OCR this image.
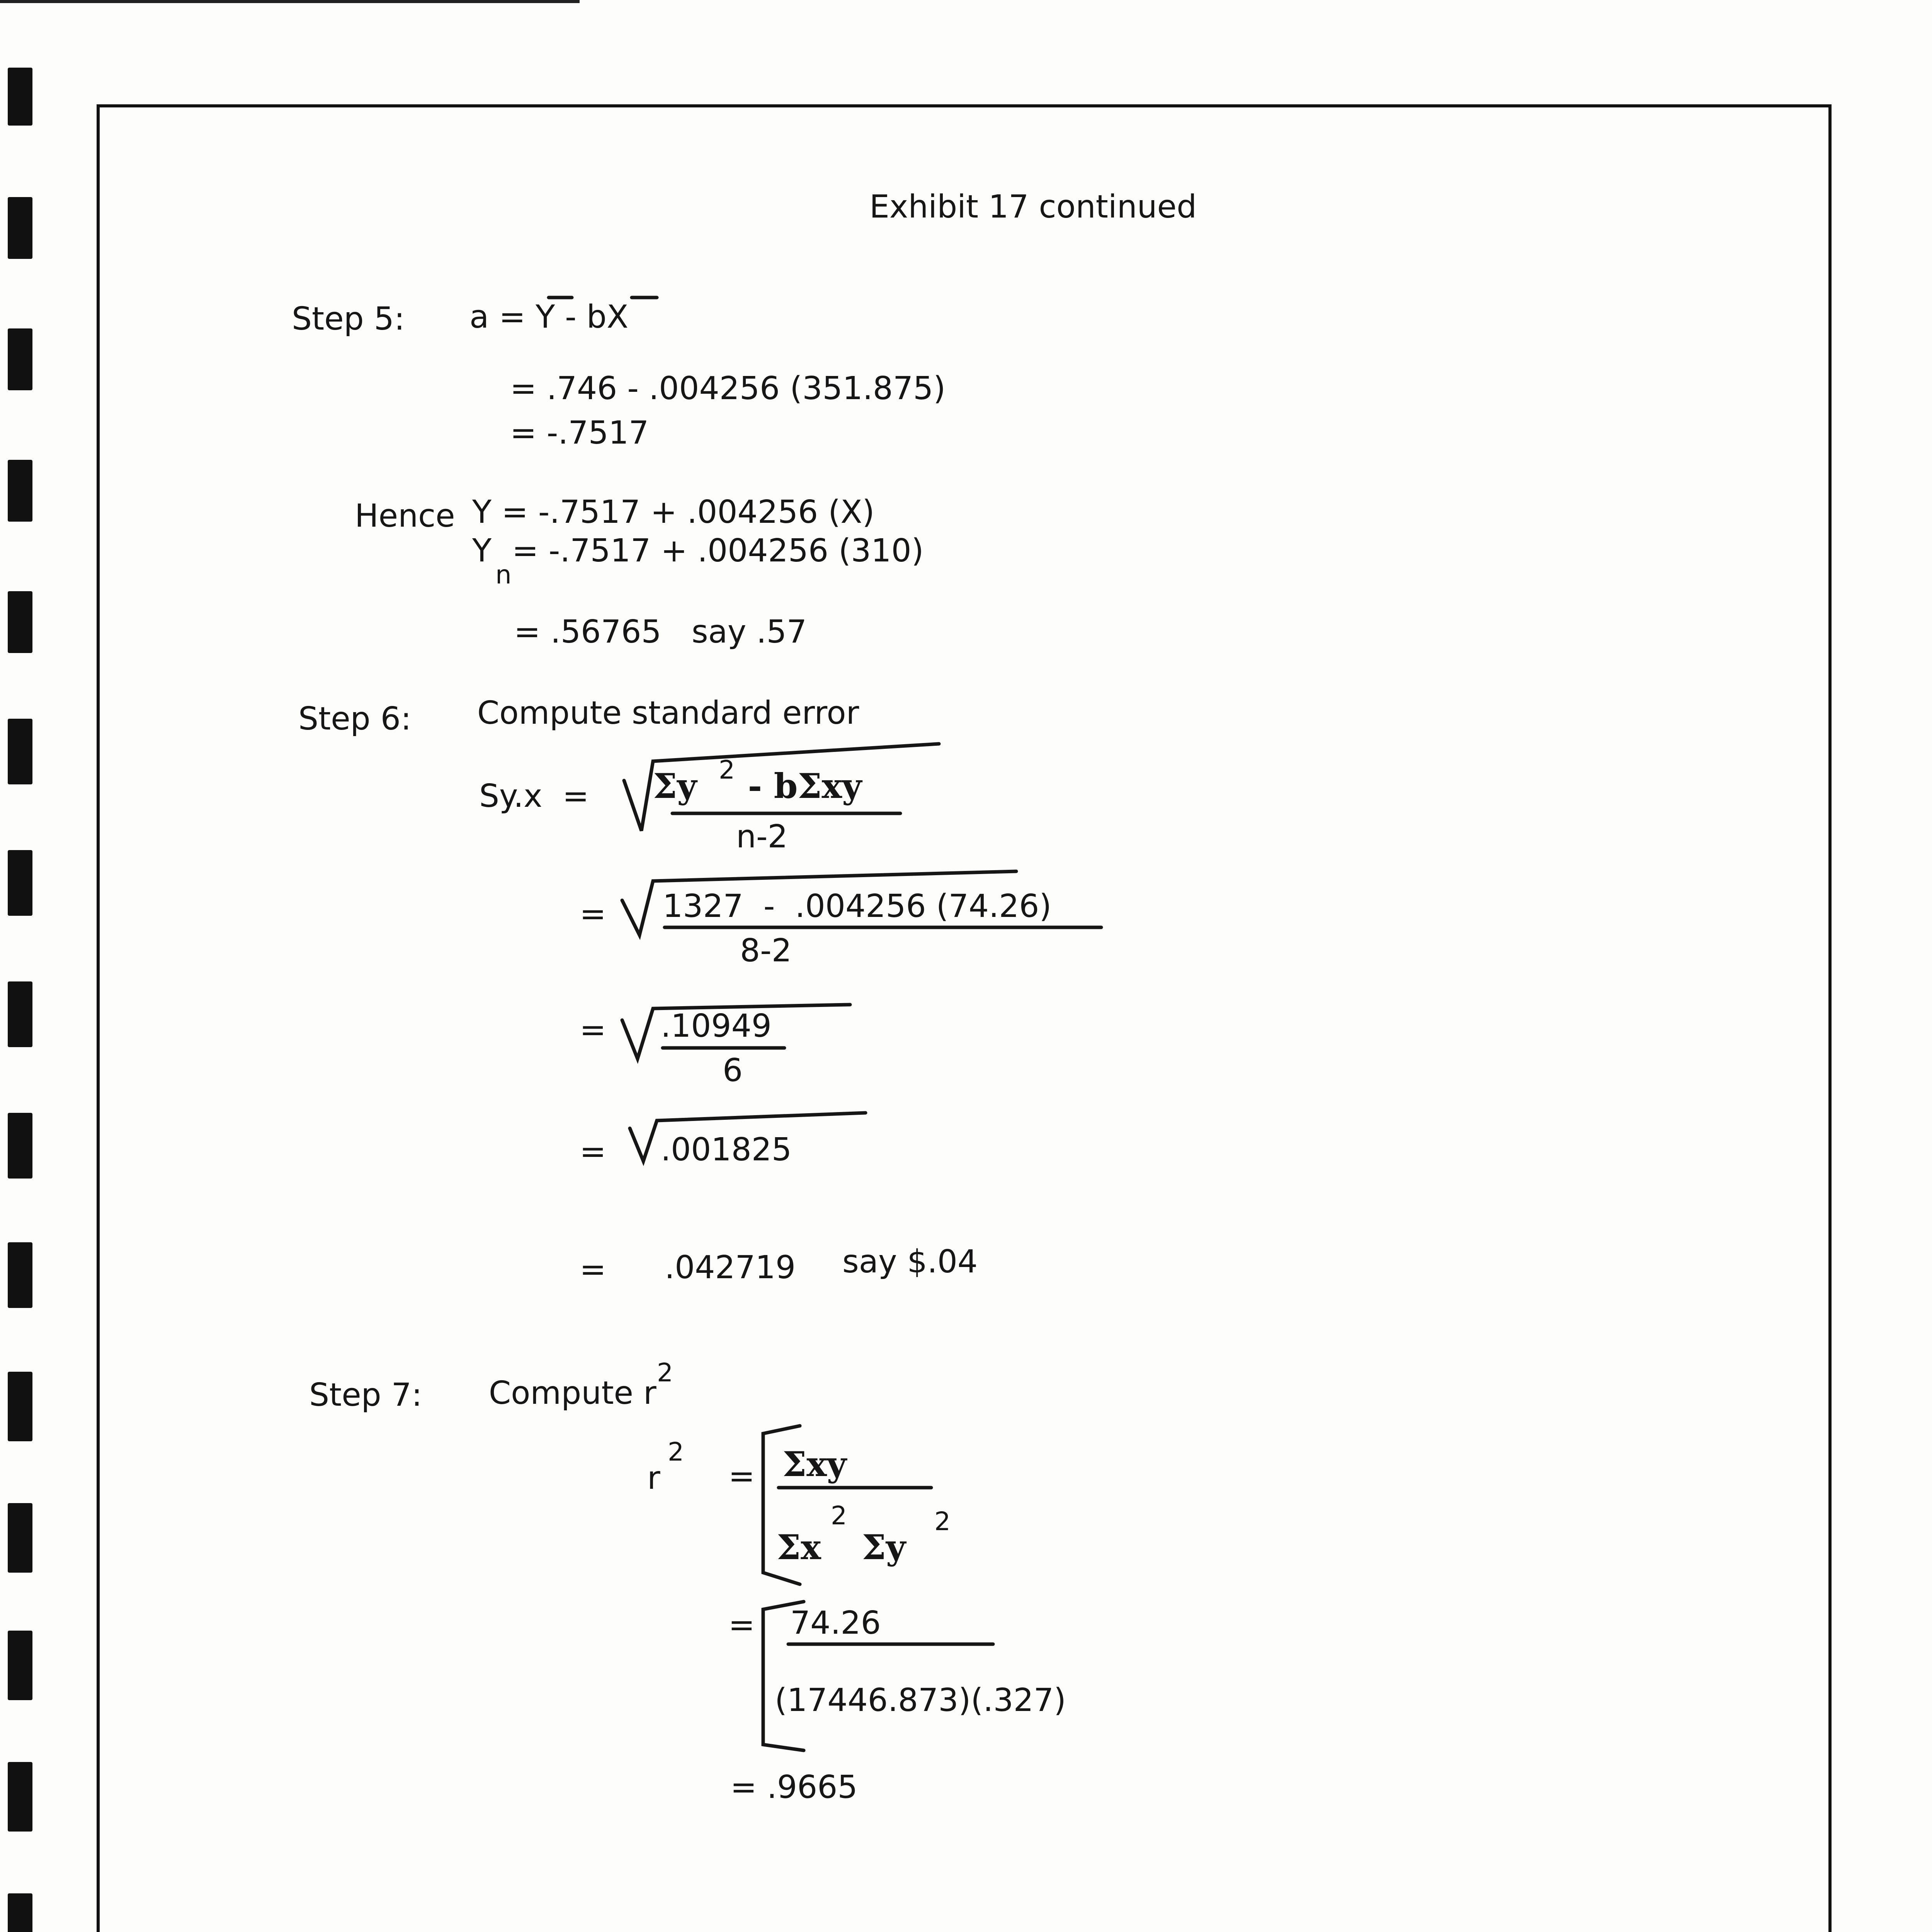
Exhibit 17 continued
Step 5: a = Y - bX
= .746 - .004256 (351.875)
= -.7517
Hence Y = -.7517 + .004256 (X)
Y
n
= -.7517 + .004256 (310)
= .56765   say .57
Step 6: Compute standard error
Sy.x  = Σy 2 - bΣxy
n-2
= 1327  -  .004256 (74.26)
8-2
= .10949
6
= .001825
= .042719 say $.04
Step 7: Compute r
2
r
2
= Σxy
Σx
2
Σy
2
= 74.26
(17446.873)(.327)
= .9665
